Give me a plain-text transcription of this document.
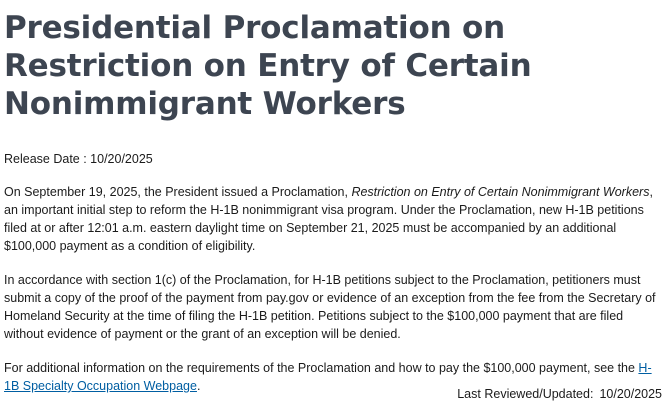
Presidential Proclamation on Restriction on Entry of Certain Nonimmigrant Workers
Release Date : 10/20/2025

On September 19, 2025, the President issued a Proclamation, Restriction on Entry of Certain Nonimmigrant Workers, an important initial step to reform the H-1B nonimmigrant visa program. Under the Proclamation, new H-1B petitions filed at or after 12:01 a.m. eastern daylight time on September 21, 2025 must be accompanied by an additional $100,000 payment as a condition of eligibility.

In accordance with section 1(c) of the Proclamation, for H-1B petitions subject to the Proclamation, petitioners must submit a copy of the proof of the payment from pay.gov or evidence of an exception from the fee from the Secretary of Homeland Security at the time of filing the H-1B petition. Petitions subject to the $100,000 payment that are filed without evidence of payment or the grant of an exception will be denied.

For additional information on the requirements of the Proclamation and how to pay the $100,000 payment, see the H-1B Specialty Occupation Webpage.

Last Reviewed/Updated: 10/20/2025
